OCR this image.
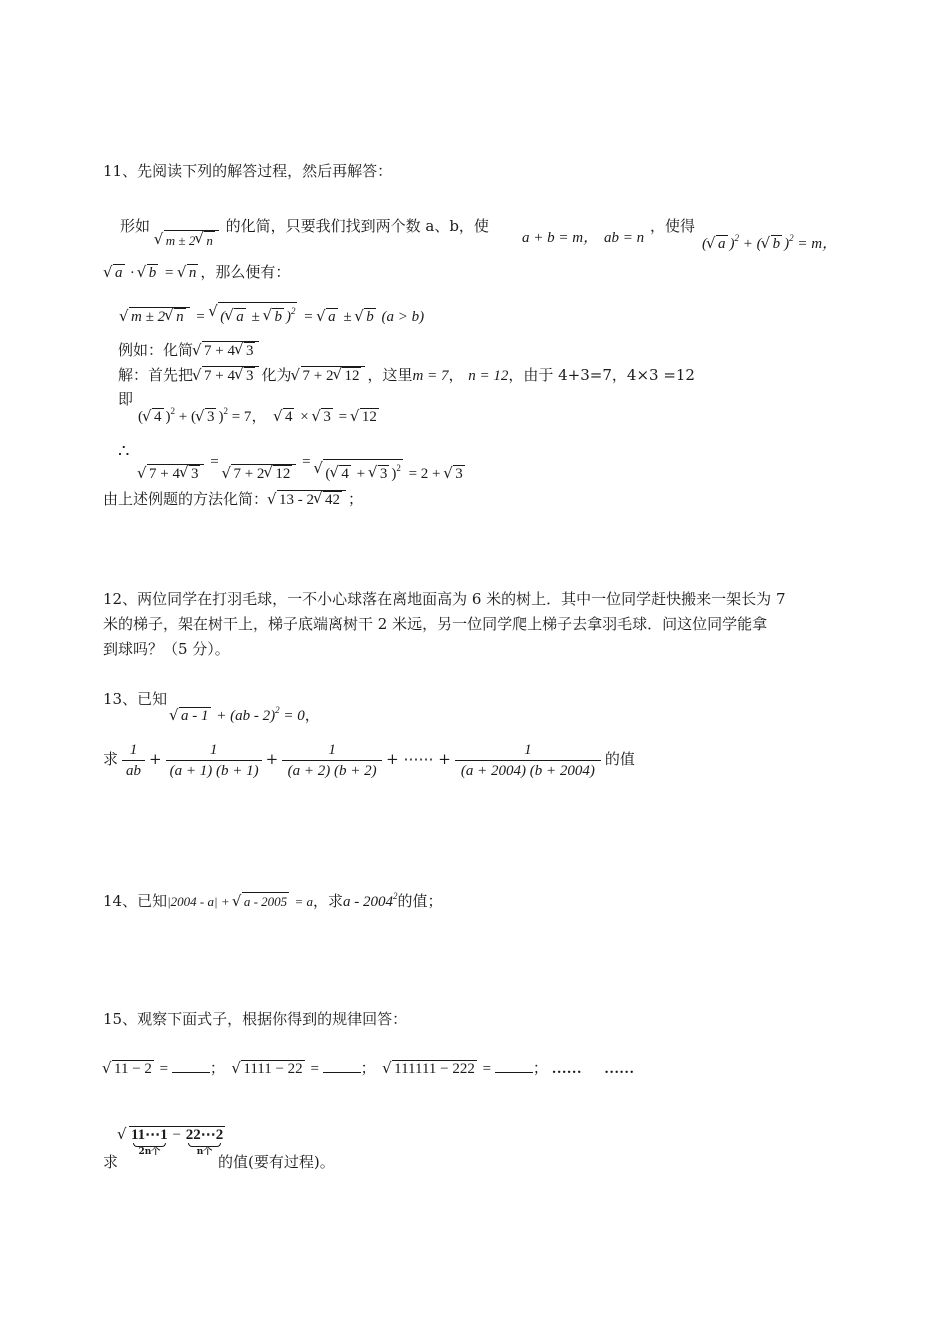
11、先阅读下列的解答过程，然后再解答：
形如 √ m ± 2 √ n 的化简，只要我们找到两个数 a、b，使
a + b = m， ab = n
，使得
( √ a )$^2$ + ( √ b )$^2$ = m，
√ a · √ b = √ n ，那么便有：
√ m ± 2 √ n = √ ( √ a ± √ b )$^2$ = √ a ± √ b (a > b)
例如：化简 √ 7 + 4 √ 3
解：首先把 √ 7 + 4 √ 3 化为 √ 7 + 2 √ 12 ，这里m = 7， n = 12，由于 4+3=7，4×3 =12
即
( √ 4 )$^2$ + ( √ 3 )$^2$ = 7， √ 4 × √ 3 = √ 12
∴
√ 7 + 4 √ 3 = √ 7 + 2 √ 12 = √ ( √ 4 + √ 3 )$^2$ = 2 + √ 3
由上述例题的方法化简： √ 13 - 2 √ 42 ；
12、两位同学在打羽毛球，一不小心球落在离地面高为 6 米的树上．其中一位同学赶快搬来一架长为 7
米的梯子，架在树干上，梯子底端离树干 2 米远，另一位同学爬上梯子去拿羽毛球．问这位同学能拿
到球吗？（5 分）。
13、已知
√ a - 1 + (ab - 2)$^2$ = 0，
求 $\frac{1}{ab} + \frac{1}{(a + 1) (b + 1)} + \frac{1}{(a + 2) (b + 2)}$ + ⋯⋯ + $\frac{1}{(a + 2004) (b + 2004)}$ 的值
14、已知|2004 - a| + √ a - 2005 = a，求a - 2004$^2$的值；
15、观察下面式子，根据你得到的规律回答：
√ 11 − 2 =	； √ 1111 − 22 =	； √ 111111 − 222 =	； …… ……
求
√ 11⋯1
2n个
− 22⋯2
n个
的值(要有过程)。
